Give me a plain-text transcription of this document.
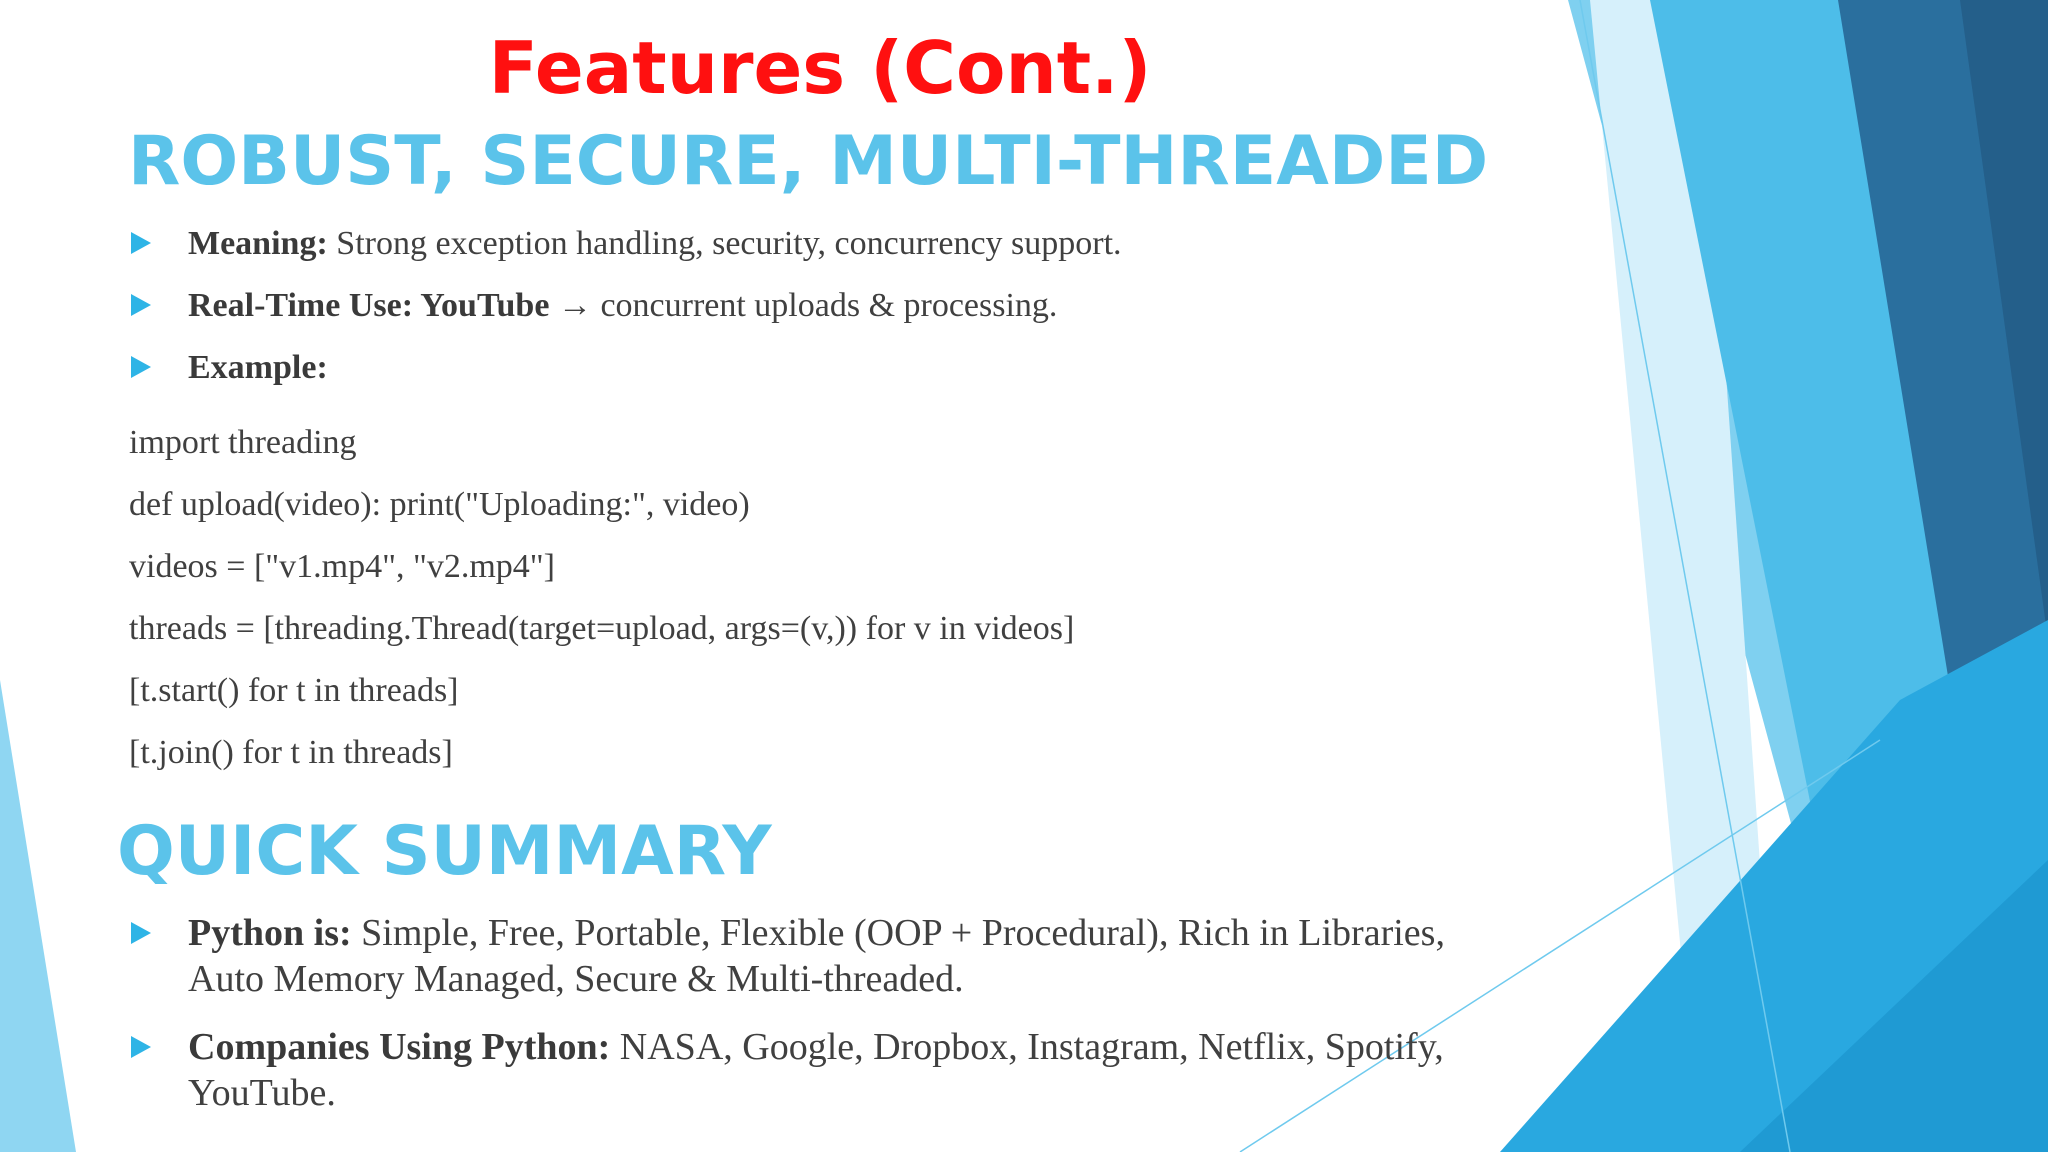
Features (Cont.)
ROBUST, SECURE, MULTI-THREADED
Meaning: Strong exception handling, security, concurrency support.
Real-Time Use: YouTube → concurrent uploads & processing.
Example:
import threading
def upload(video): print("Uploading:", video)
videos = ["v1.mp4", "v2.mp4"]
threads = [threading.Thread(target=upload, args=(v,)) for v in videos]
[t.start() for t in threads]
[t.join() for t in threads]
QUICK SUMMARY
Python is: Simple, Free, Portable, Flexible (OOP + Procedural), Rich in Libraries, Auto Memory Managed, Secure & Multi-threaded.
Companies Using Python: NASA, Google, Dropbox, Instagram, Netflix, Spotify, YouTube.
